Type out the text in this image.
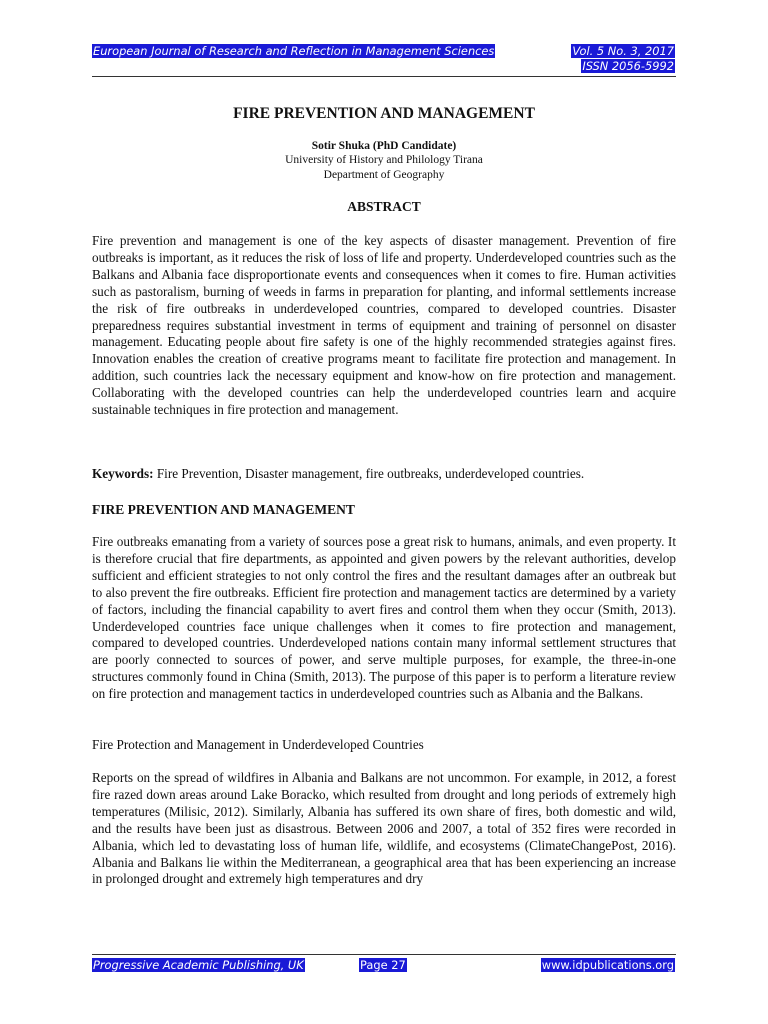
European Journal of Research and Reflection in Management Sciences	Vol. 5 No. 3, 2017
ISSN 2056-5992
FIRE PREVENTION AND MANAGEMENT
Sotir Shuka (PhD Candidate)
University of History and Philology Tirana
Department of Geography
ABSTRACT

Fire prevention and management is one of the key aspects of disaster management. Prevention of fire outbreaks is important, as it reduces the risk of loss of life and property. Underdeveloped countries such as the Balkans and Albania face disproportionate events and consequences when it comes to fire. Human activities such as pastoralism, burning of weeds in farms in preparation for planting, and informal settlements increase the risk of fire outbreaks in underdeveloped countries, compared to developed countries. Disaster preparedness requires substantial investment in terms of equipment and training of personnel on disaster management. Educating people about fire safety is one of the highly recommended strategies against fires. Innovation enables the creation of creative programs meant to facilitate fire protection and management. In addition, such countries lack the necessary equipment and know-how on fire protection and management. Collaborating with the developed countries can help the underdeveloped countries learn and acquire sustainable techniques in fire protection and management.

Keywords: Fire Prevention, Disaster management, fire outbreaks, underdeveloped countries.

FIRE PREVENTION AND MANAGEMENT

Fire outbreaks emanating from a variety of sources pose a great risk to humans, animals, and even property. It is therefore crucial that fire departments, as appointed and given powers by the relevant authorities, develop sufficient and efficient strategies to not only control the fires and the resultant damages after an outbreak but to also prevent the fire outbreaks. Efficient fire protection and management tactics are determined by a variety of factors, including the financial capability to avert fires and control them when they occur (Smith, 2013). Underdeveloped countries face unique challenges when it comes to fire protection and management, compared to developed countries. Underdeveloped nations contain many informal settlement structures that are poorly connected to sources of power, and serve multiple purposes, for example, the three-in-one structures commonly found in China (Smith, 2013). The purpose of this paper is to perform a literature review on fire protection and management tactics in underdeveloped countries such as Albania and the Balkans.

Fire Protection and Management in Underdeveloped Countries

Reports on the spread of wildfires in Albania and Balkans are not uncommon. For example, in 2012, a forest fire razed down areas around Lake Boracko, which resulted from drought and long periods of extremely high temperatures (Milisic, 2012). Similarly, Albania has suffered its own share of fires, both domestic and wild, and the results have been just as disastrous. Between 2006 and 2007, a total of 352 fires were recorded in Albania, which led to devastating loss of human life, wildlife, and ecosystems (ClimateChangePost, 2016). Albania and Balkans lie within the Mediterranean, a geographical area that has been experiencing an increase in prolonged drought and extremely high temperatures and dry

Progressive Academic Publishing, UK	Page 27	www.idpublications.org
